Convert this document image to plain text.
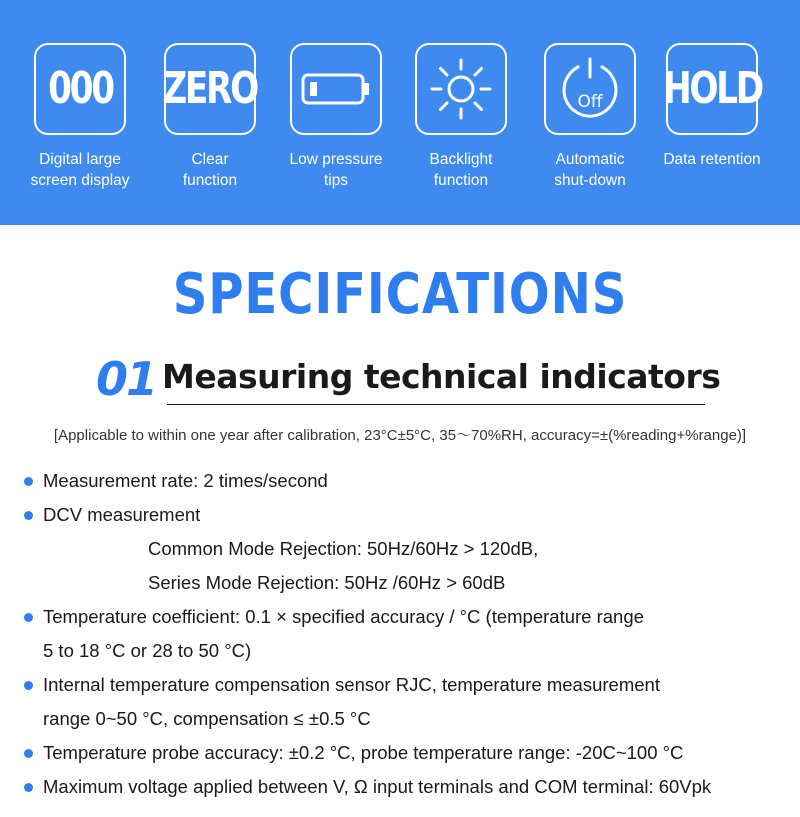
000
Digital large
screen display
ZERO
Clear
function
Low pressure
tips
Backlight
function
Off
Automatic
shut-down
HOLD
Data retention
SPECIFICATIONS
01 Measuring technical indicators
[Applicable to within one year after calibration, 23°C±5°C, 35～70%RH, accuracy=±(%reading+%range)]
Measurement rate: 2 times/second
DCV measurement
Common Mode Rejection: 50Hz/60Hz > 120dB,
Series Mode Rejection: 50Hz /60Hz > 60dB
Temperature coefficient: 0.1 × specified accuracy / °C (temperature range
5 to 18 °C or 28 to 50 °C)
Internal temperature compensation sensor RJC, temperature measurement
range 0~50 °C, compensation ≤ ±0.5 °C
Temperature probe accuracy: ±0.2 °C, probe temperature range: -20C~100 °C
Maximum voltage applied between V, Ω input terminals and COM terminal: 60Vpk
